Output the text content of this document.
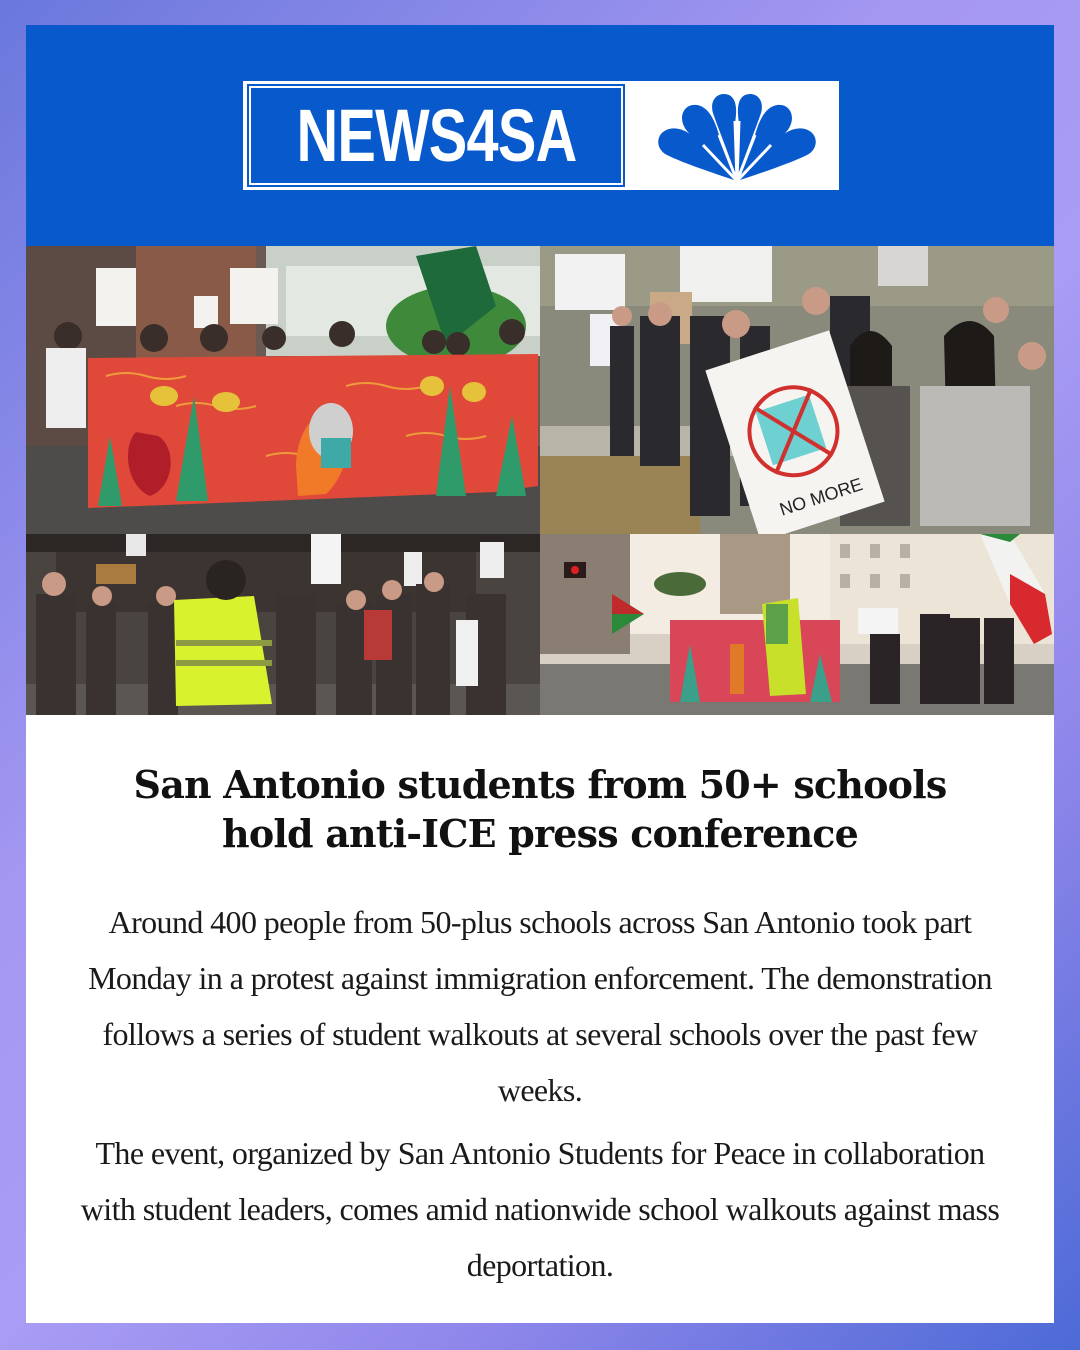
NEWS4SA
NO MORE
San Antonio students from 50+ schools
hold anti-ICE press conference

Around 400 people from 50-plus schools across San Antonio took part Monday in a protest against immigration enforcement. The demonstration follows a series of student walkouts at several schools over the past few weeks.

The event, organized by San Antonio Students for Peace in collaboration with student leaders, comes amid nationwide school walkouts against mass deportation.
